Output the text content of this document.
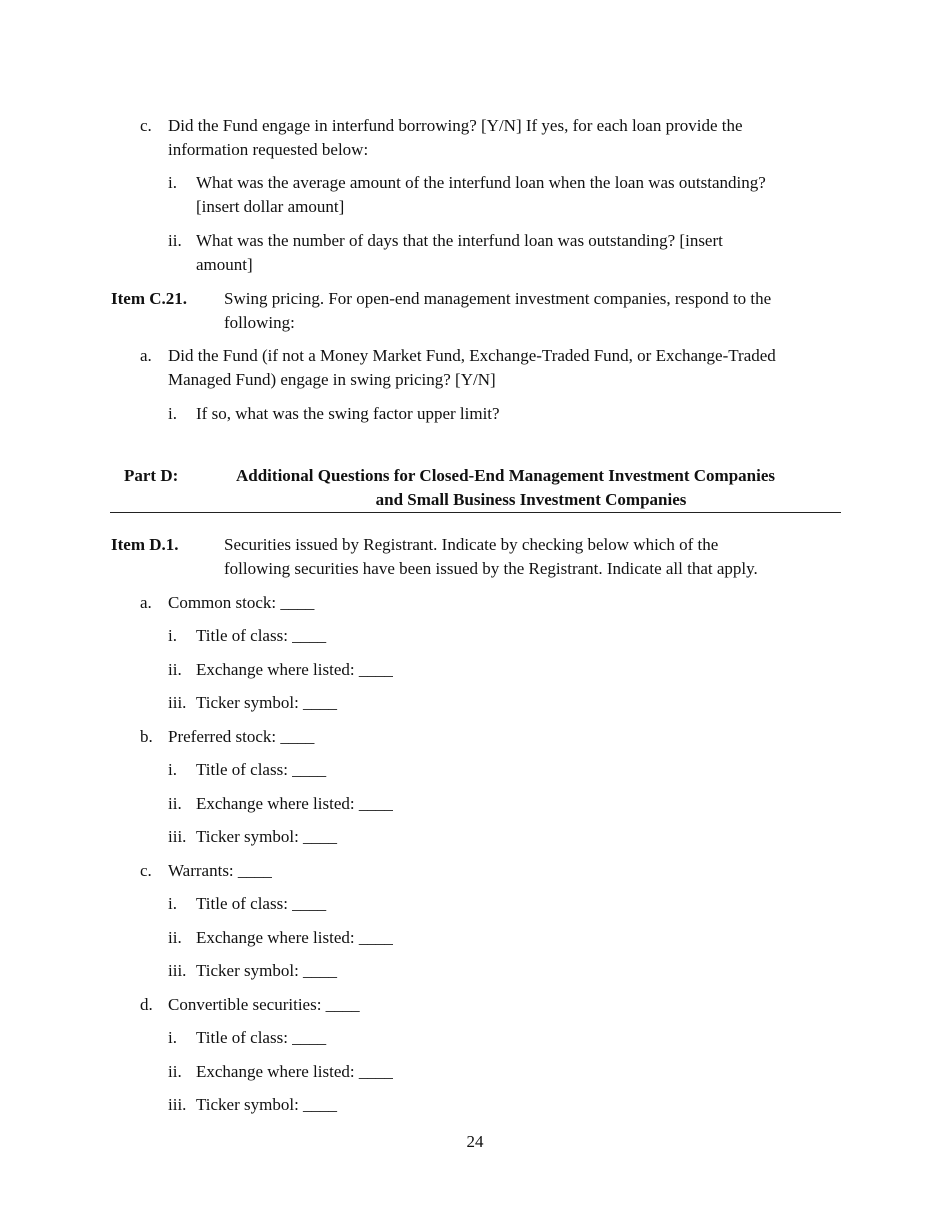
c. Did the Fund engage in interfund borrowing? [Y/N] If yes, for each loan provide the
information requested below:
i. What was the average amount of the interfund loan when the loan was outstanding?
[insert dollar amount]
ii. What was the number of days that the interfund loan was outstanding? [insert
amount]
Item C.21. Swing pricing. For open-end management investment companies, respond to the
following:
a. Did the Fund (if not a Money Market Fund, Exchange-Traded Fund, or Exchange-Traded
Managed Fund) engage in swing pricing? [Y/N]
i. If so, what was the swing factor upper limit?
Part D:	Additional Questions for Closed-End Management Investment Companies
and Small Business Investment Companies
Item D.1.	Securities issued by Registrant. Indicate by checking below which of the
following securities have been issued by the Registrant. Indicate all that apply.
a. Common stock: ____
i. Title of class: ____
ii. Exchange where listed: ____
iii. Ticker symbol: ____
b. Preferred stock: ____
i. Title of class: ____
ii. Exchange where listed: ____
iii. Ticker symbol: ____
c. Warrants: ____
i. Title of class: ____
ii. Exchange where listed: ____
iii. Ticker symbol: ____
d. Convertible securities: ____
i. Title of class: ____
ii. Exchange where listed: ____
iii. Ticker symbol: ____
24
